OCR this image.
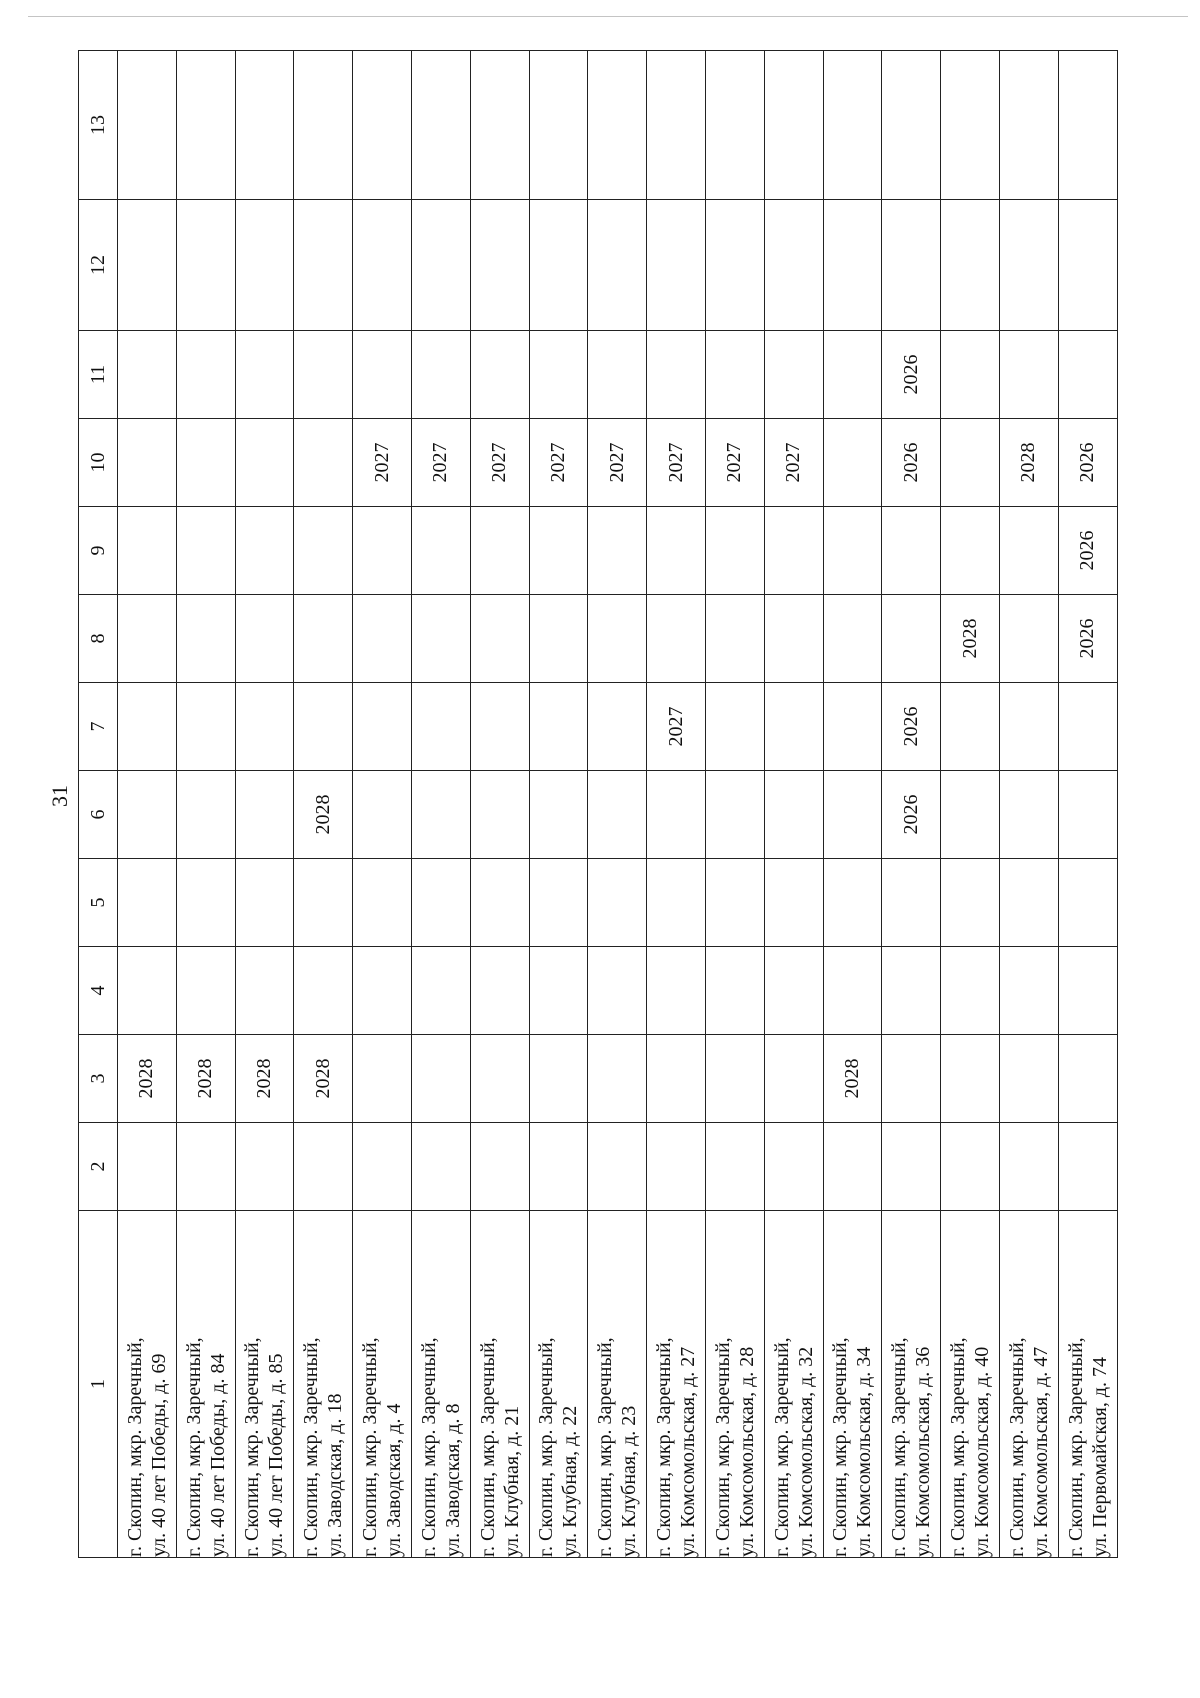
31
1	2	3	4	5	6	7	8	9	10	11	12	13

г. Скопин, мкр. Заречный, ул. 40 лет Победы, д. 69		2028										

г. Скопин, мкр. Заречный, ул. 40 лет Победы, д. 84		2028										

г. Скопин, мкр. Заречный, ул. 40 лет Победы, д. 85		2028										

г. Скопин, мкр. Заречный, ул. Заводская, д. 18		2028			2028							

г. Скопин, мкр. Заречный, ул. Заводская, д. 4									2027			

г. Скопин, мкр. Заречный, ул. Заводская, д. 8									2027			

г. Скопин, мкр. Заречный, ул. Клубная, д. 21									2027			

г. Скопин, мкр. Заречный, ул. Клубная, д. 22									2027			

г. Скопин, мкр. Заречный, ул. Клубная, д. 23									2027			

г. Скопин, мкр. Заречный, ул. Комсомольская, д. 27						2027			2027			

г. Скопин, мкр. Заречный, ул. Комсомольская, д. 28									2027			

г. Скопин, мкр. Заречный, ул. Комсомольская, д. 32									2027			

г. Скопин, мкр. Заречный, ул. Комсомольская, д. 34		2028										

г. Скопин, мкр. Заречный, ул. Комсомольская, д. 36					2026	2026			2026	2026		

г. Скопин, мкр. Заречный, ул. Комсомольская, д. 40							2028					

г. Скопин, мкр. Заречный, ул. Комсомольская, д. 47									2028			

г. Скопин, мкр. Заречный, ул. Первомайская, д. 74							2026	2026	2026			
